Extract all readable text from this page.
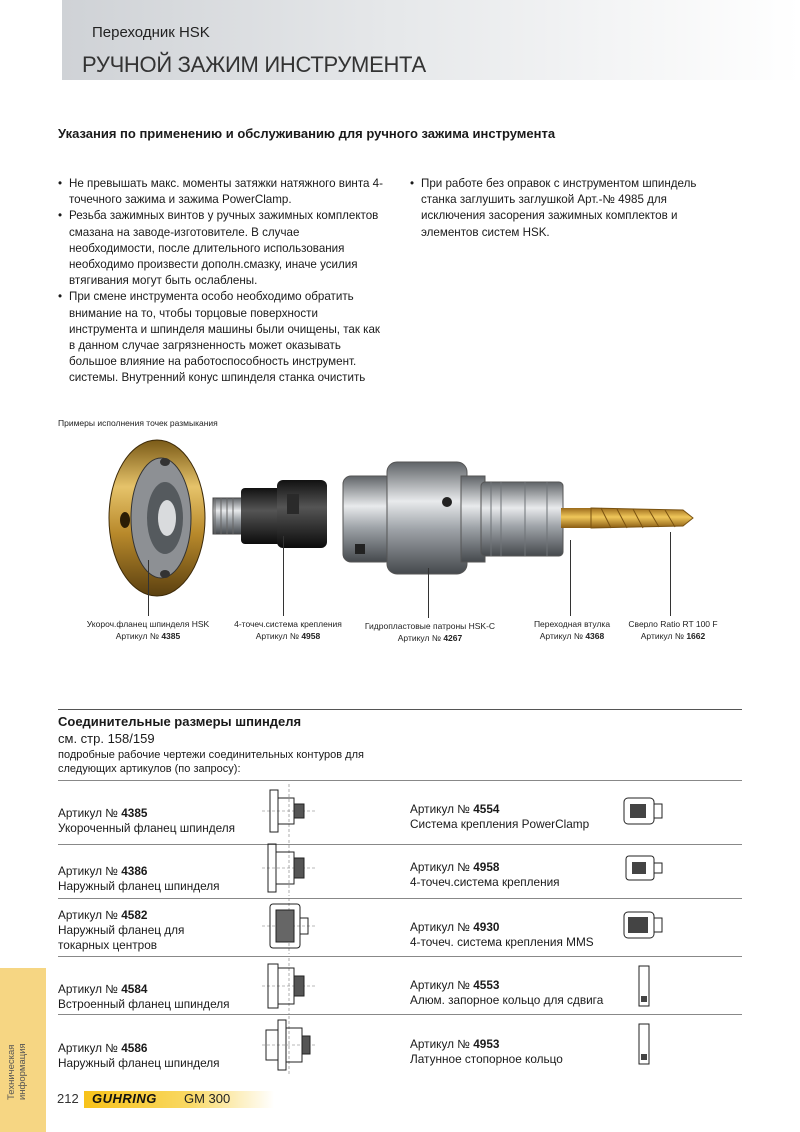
Переходник HSK
РУЧНОЙ ЗАЖИМ ИНСТРУМЕНТА
Указания по применению и обслуживанию для ручного зажима инструмента
• Не превышать макс. моменты затяжки натяжного винта 4-точечного зажима и зажима PowerClamp.
• Резьба зажимных винтов у ручных зажимных комплектов смазана на заводе-изготовителе. В случае необходимости, после длительного использования необходимо произвести дополн.смазку, иначе усилия втягивания могут быть ослаблены.
• При смене инструмента особо необходимо обратить внимание на то, чтобы торцовые поверхности инструмента и шпинделя машины были очищены, так как в данном случае загрязненность может оказывать большое влияние на работоспособность инструмент. системы. Внутренний конус шпинделя станка очистить
• При работе без оправок с инструментом шпиндель станка заглушить заглушкой Арт.-№ 4985 для исключения засорения зажимных комплектов и элементов систем HSK.
Примеры исполнения точек размыкания
Укороч.фланец шпинделя HSK
Артикул № 4385
4-точеч.система крепления
Артикул № 4958
Гидропластовые патроны HSK-C
Артикул № 4267
Переходная втулка
Артикул № 4368
Сверло Ratio RT 100 F
Артикул № 1662
Соединительные размеры шпинделя
см. стр. 158/159
подробные рабочие чертежи соединительных контуров для следующих артикулов (по запросу):
Артикул № 4385
Укороченный фланец шпинделя
Артикул № 4386
Наружный фланец шпинделя
Артикул № 4582
Наружный фланец для токарных центров
Артикул № 4584
Встроенный фланец шпинделя
Артикул № 4586
Наружный фланец шпинделя
Артикул № 4554
Система крепления PowerClamp
Артикул № 4958
4-точеч.система крепления
Артикул № 4930
4-точеч. система крепления MMS
Артикул № 4553
Алюм. запорное кольцо для сдвига
Артикул № 4953
Латунное стопорное кольцо
Техническая информация 212 GUHRING GM 300
